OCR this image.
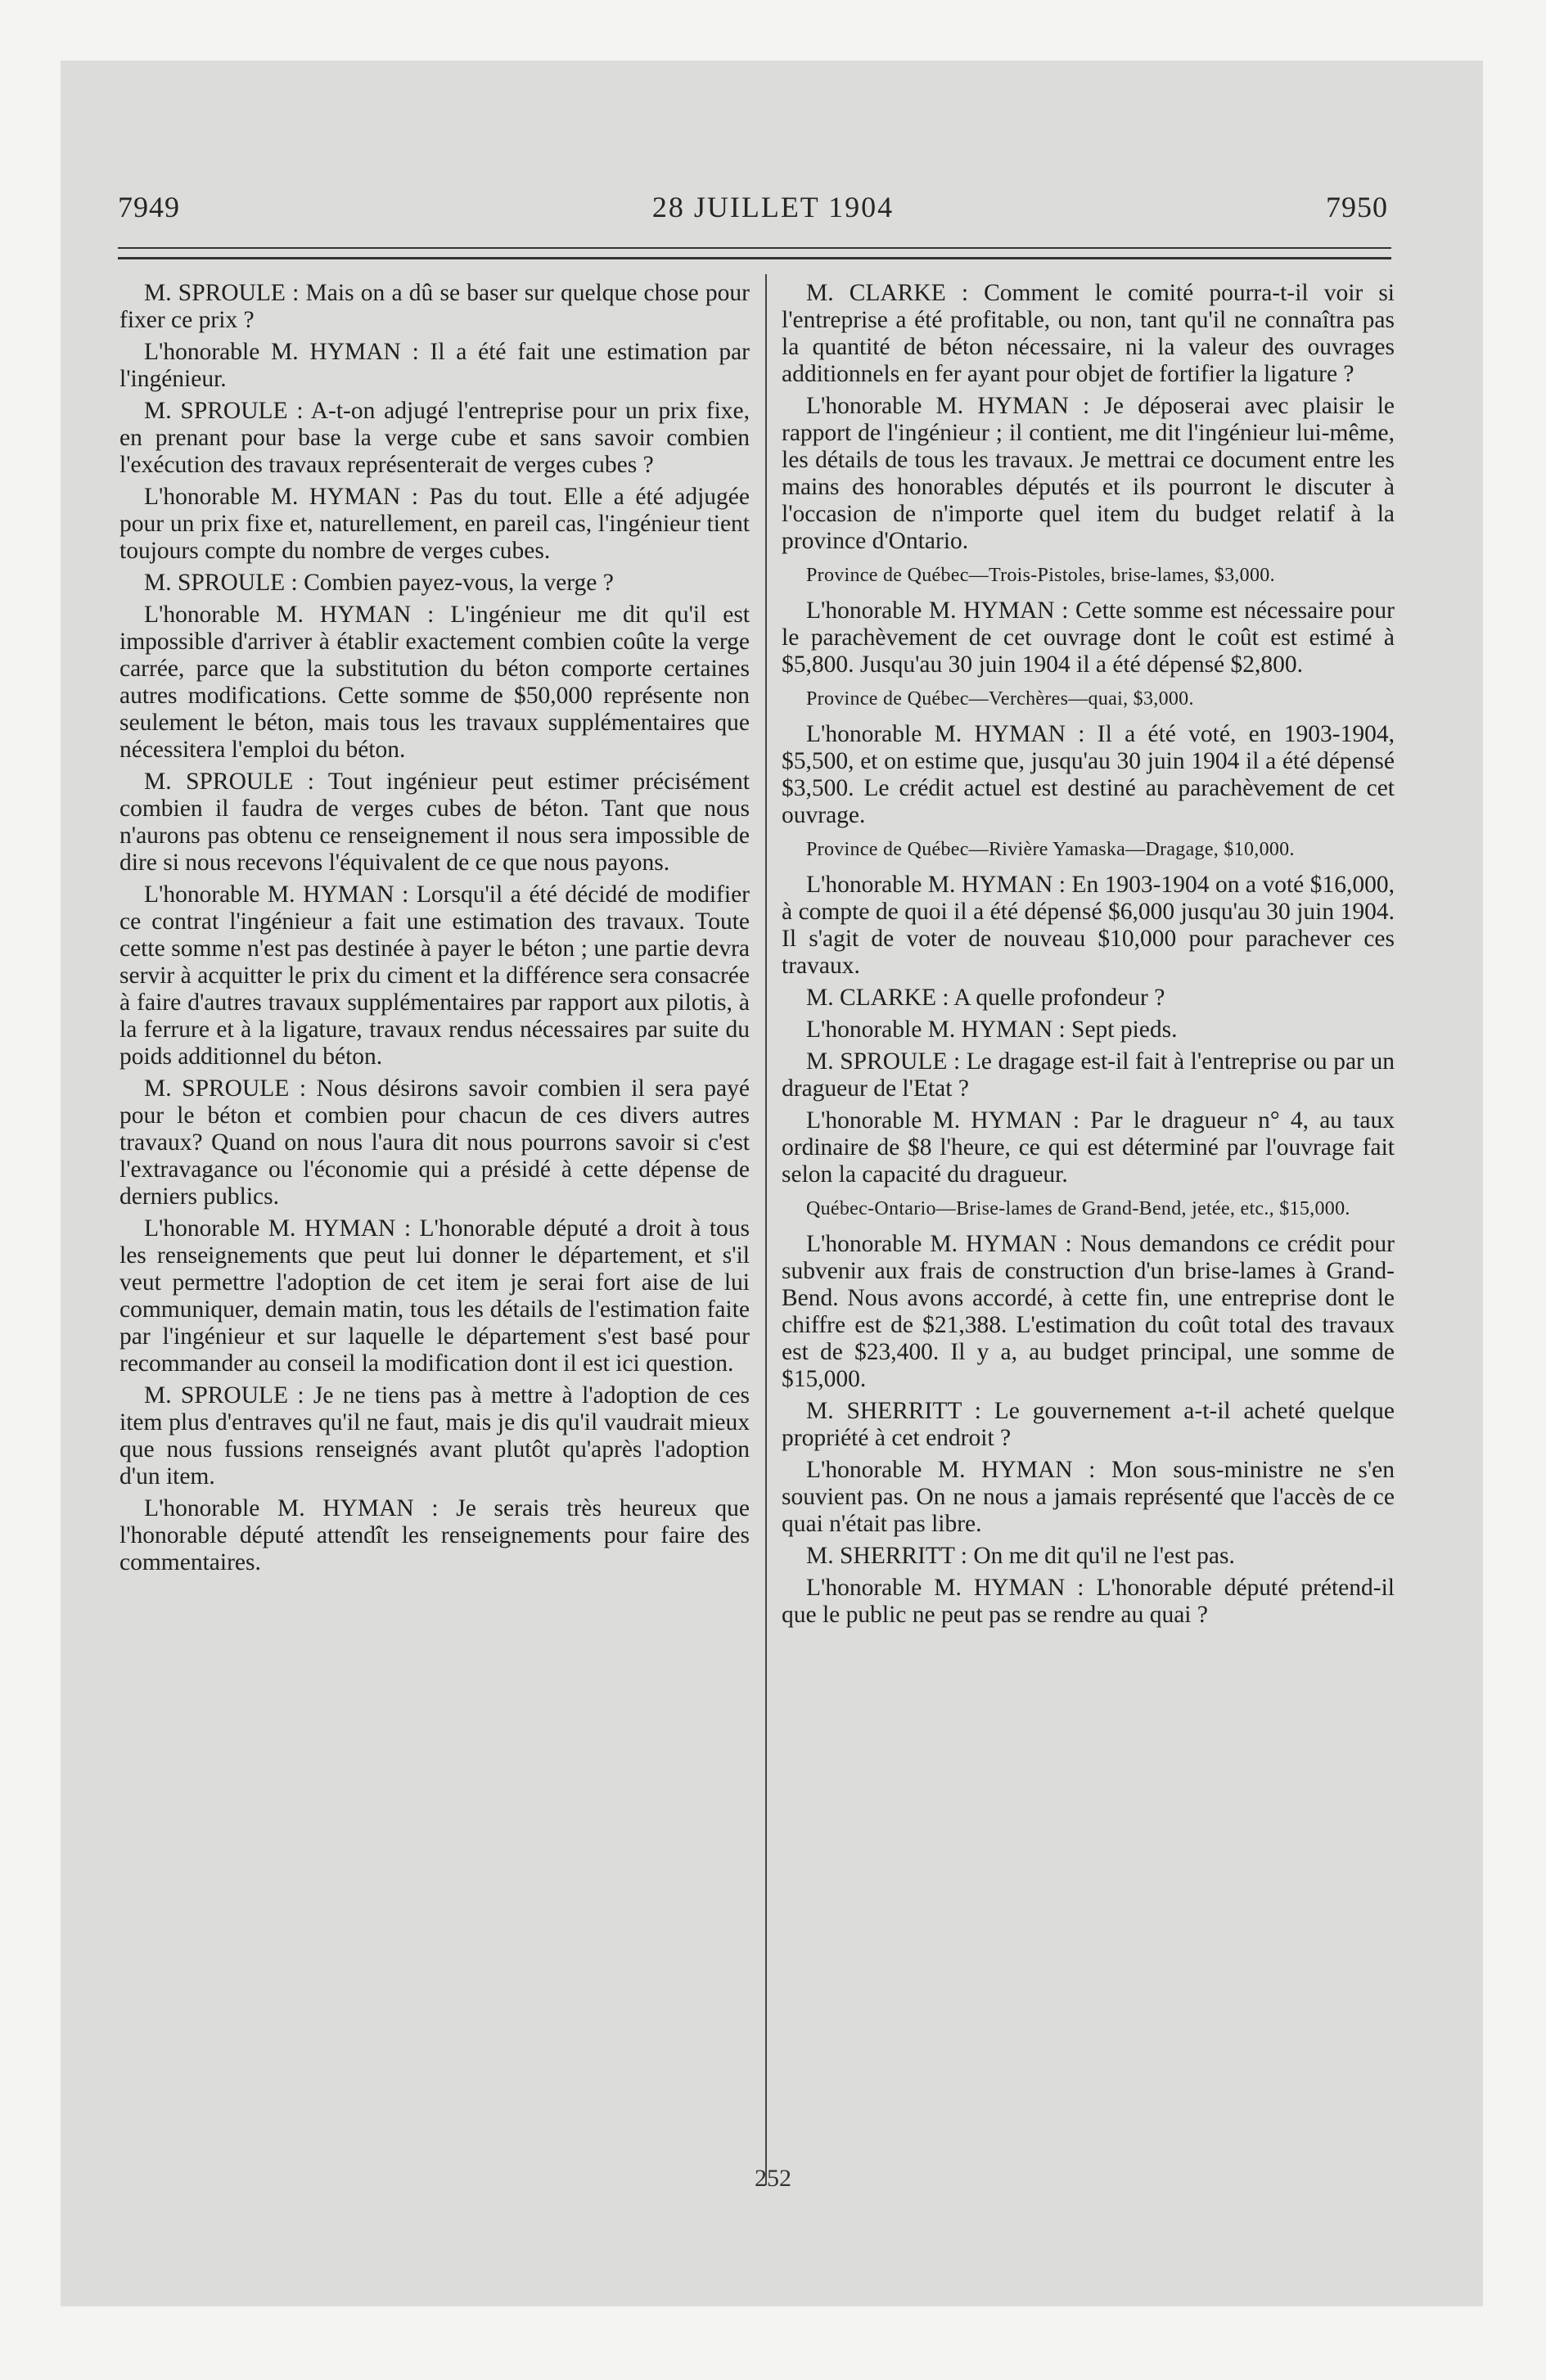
7949	28 JUILLET 1904	7950

M. SPROULE : Mais on a dû se baser sur quelque chose pour fixer ce prix ?

L'honorable M. HYMAN : Il a été fait une estimation par l'ingénieur.

M. SPROULE : A-t-on adjugé l'entreprise pour un prix fixe, en prenant pour base la verge cube et sans savoir combien l'exécution des travaux représenterait de verges cubes ?

L'honorable M. HYMAN : Pas du tout. Elle a été adjugée pour un prix fixe et, naturellement, en pareil cas, l'ingénieur tient toujours compte du nombre de verges cubes.

M. SPROULE : Combien payez-vous, la verge ?

L'honorable M. HYMAN : L'ingénieur me dit qu'il est impossible d'arriver à établir exactement combien coûte la verge carrée, parce que la substitution du béton comporte certaines autres modifications. Cette somme de $50,000 représente non seulement le béton, mais tous les travaux supplémentaires que nécessitera l'emploi du béton.

M. SPROULE : Tout ingénieur peut estimer précisément combien il faudra de verges cubes de béton. Tant que nous n'aurons pas obtenu ce renseignement il nous sera impossible de dire si nous recevons l'équivalent de ce que nous payons.

L'honorable M. HYMAN : Lorsqu'il a été décidé de modifier ce contrat l'ingénieur a fait une estimation des travaux. Toute cette somme n'est pas destinée à payer le béton ; une partie devra servir à acquitter le prix du ciment et la différence sera consacrée à faire d'autres travaux supplémentaires par rapport aux pilotis, à la ferrure et à la ligature, travaux rendus nécessaires par suite du poids additionnel du béton.

M. SPROULE : Nous désirons savoir combien il sera payé pour le béton et combien pour chacun de ces divers autres travaux? Quand on nous l'aura dit nous pourrons savoir si c'est l'extravagance ou l'économie qui a présidé à cette dépense de derniers publics.

L'honorable M. HYMAN : L'honorable député a droit à tous les renseignements que peut lui donner le département, et s'il veut permettre l'adoption de cet item je serai fort aise de lui communiquer, demain matin, tous les détails de l'estimation faite par l'ingénieur et sur laquelle le département s'est basé pour recommander au conseil la modification dont il est ici question.

M. SPROULE : Je ne tiens pas à mettre à l'adoption de ces item plus d'entraves qu'il ne faut, mais je dis qu'il vaudrait mieux que nous fussions renseignés avant plutôt qu'après l'adoption d'un item.

L'honorable M. HYMAN : Je serais très heureux que l'honorable député attendît les renseignements pour faire des commentaires.

M. CLARKE : Comment le comité pourra-t-il voir si l'entreprise a été profitable, ou non, tant qu'il ne connaîtra pas la quantité de béton nécessaire, ni la valeur des ouvrages additionnels en fer ayant pour objet de fortifier la ligature ?

L'honorable M. HYMAN : Je déposerai avec plaisir le rapport de l'ingénieur ; il contient, me dit l'ingénieur lui-même, les détails de tous les travaux. Je mettrai ce document entre les mains des honorables députés et ils pourront le discuter à l'occasion de n'importe quel item du budget relatif à la province d'Ontario.

Province de Québec—Trois-Pistoles, brise-lames, $3,000.

L'honorable M. HYMAN : Cette somme est nécessaire pour le parachèvement de cet ouvrage dont le coût est estimé à $5,800. Jusqu'au 30 juin 1904 il a été dépensé $2,800.

Province de Québec—Verchères—quai, $3,000.

L'honorable M. HYMAN : Il a été voté, en 1903-1904, $5,500, et on estime que, jusqu'au 30 juin 1904 il a été dépensé $3,500. Le crédit actuel est destiné au parachèvement de cet ouvrage.

Province de Québec—Rivière Yamaska—Dragage, $10,000.

L'honorable M. HYMAN : En 1903-1904 on a voté $16,000, à compte de quoi il a été dépensé $6,000 jusqu'au 30 juin 1904. Il s'agit de voter de nouveau $10,000 pour parachever ces travaux.

M. CLARKE : A quelle profondeur ?

L'honorable M. HYMAN : Sept pieds.

M. SPROULE : Le dragage est-il fait à l'entreprise ou par un dragueur de l'Etat ?

L'honorable M. HYMAN : Par le dragueur n° 4, au taux ordinaire de $8 l'heure, ce qui est déterminé par l'ouvrage fait selon la capacité du dragueur.

Québec-Ontario—Brise-lames de Grand-Bend, jetée, etc., $15,000.

L'honorable M. HYMAN : Nous demandons ce crédit pour subvenir aux frais de construction d'un brise-lames à Grand-Bend. Nous avons accordé, à cette fin, une entreprise dont le chiffre est de $21,388. L'estimation du coût total des travaux est de $23,400. Il y a, au budget principal, une somme de $15,000.

M. SHERRITT : Le gouvernement a-t-il acheté quelque propriété à cet endroit ?

L'honorable M. HYMAN : Mon sous-ministre ne s'en souvient pas. On ne nous a jamais représenté que l'accès de ce quai n'était pas libre.

M. SHERRITT : On me dit qu'il ne l'est pas.

L'honorable M. HYMAN : L'honorable député prétend-il que le public ne peut pas se rendre au quai ?

252
